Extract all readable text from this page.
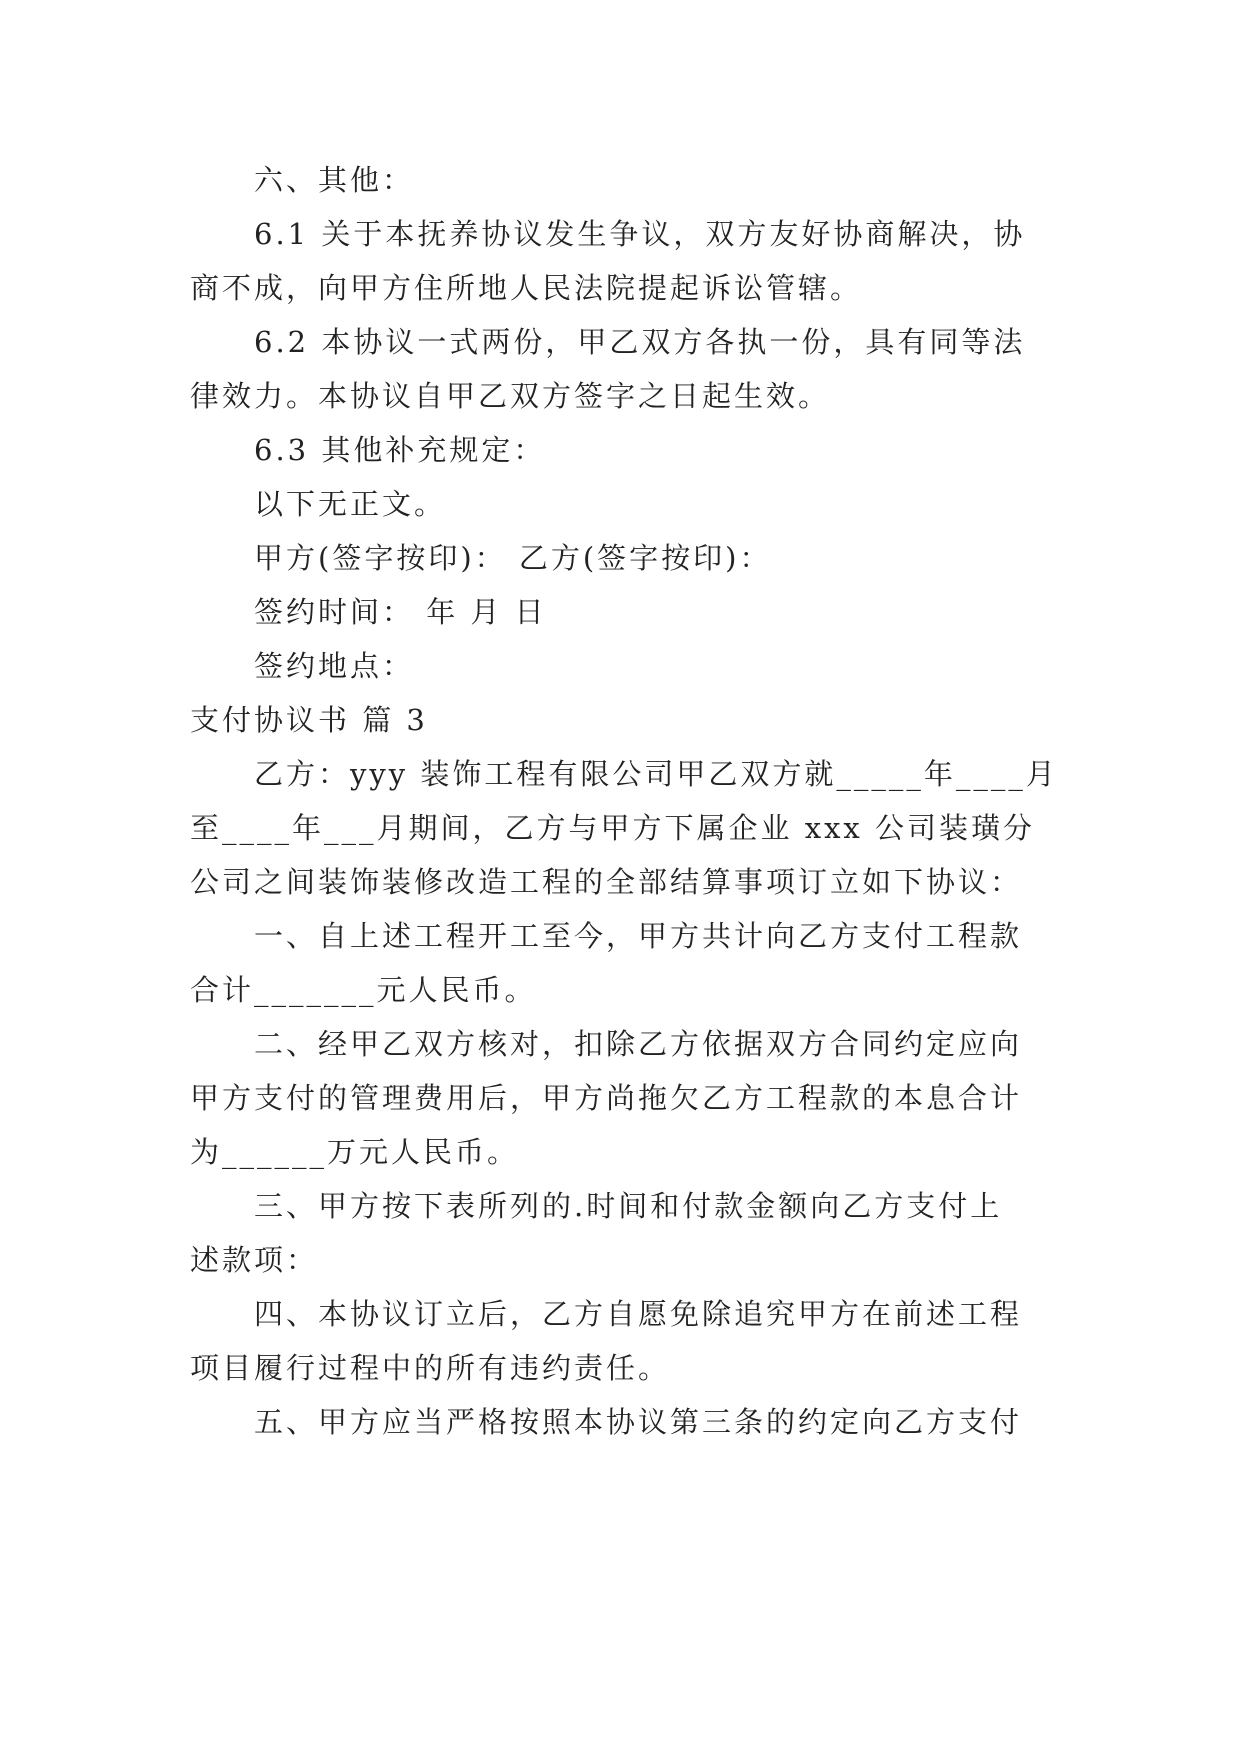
六、其他：
6.1 关于本抚养协议发生争议，双方友好协商解决，协
商不成，向甲方住所地人民法院提起诉讼管辖。
6.2 本协议一式两份，甲乙双方各执一份，具有同等法
律效力。本协议自甲乙双方签字之日起生效。
6.3 其他补充规定：
以下无正文。
甲方(签字按印)： 乙方(签字按印)：
签约时间： 年 月 日
签约地点：
支付协议书 篇 3
乙方：yyy 装饰工程有限公司甲乙双方就_____年____月
至____年___月期间，乙方与甲方下属企业 xxx 公司装璜分
公司之间装饰装修改造工程的全部结算事项订立如下协议：
一、自上述工程开工至今，甲方共计向乙方支付工程款
合计_______元人民币。
二、经甲乙双方核对，扣除乙方依据双方合同约定应向
甲方支付的管理费用后，甲方尚拖欠乙方工程款的本息合计
为______万元人民币。
三、甲方按下表所列的.时间和付款金额向乙方支付上
述款项：
四、本协议订立后，乙方自愿免除追究甲方在前述工程
项目履行过程中的所有违约责任。
五、甲方应当严格按照本协议第三条的约定向乙方支付
